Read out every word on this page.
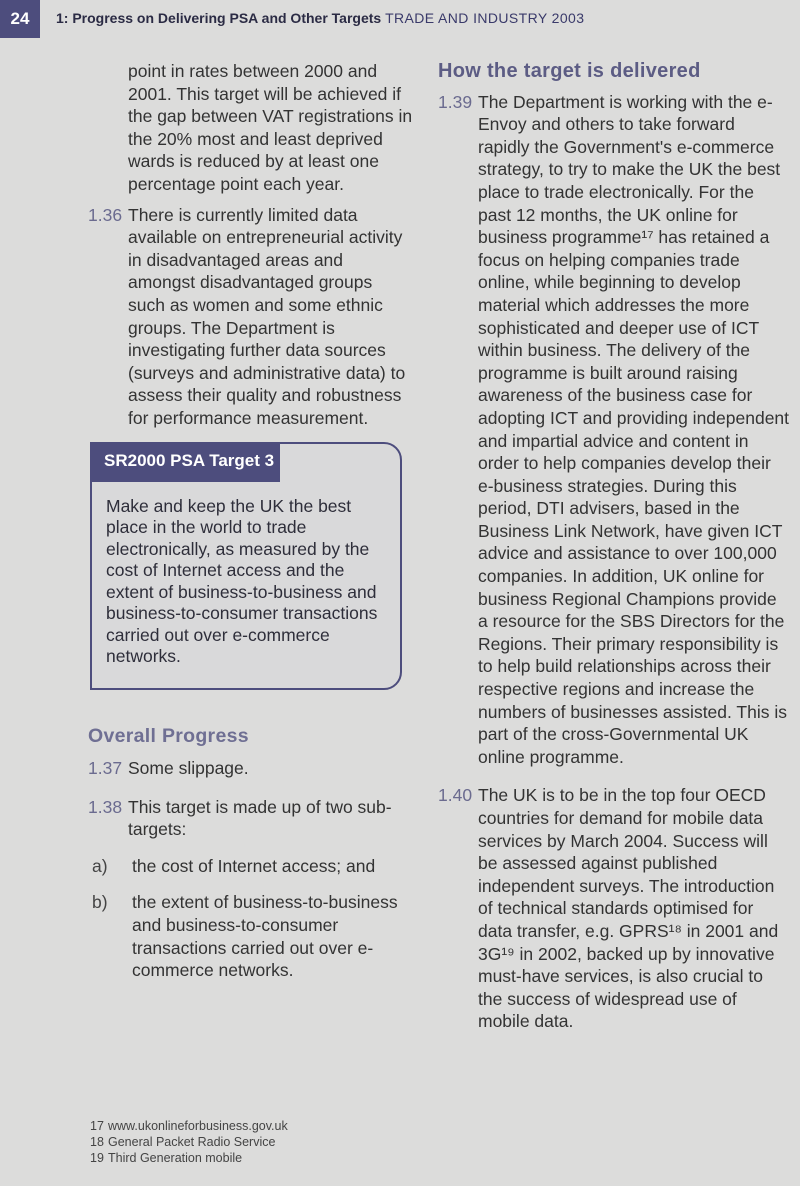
24	1: Progress on Delivering PSA and Other Targets TRADE AND INDUSTRY 2003

point in rates between 2000 and 2001. This target will be achieved if the gap between VAT registrations in the 20% most and least deprived wards is reduced by at least one percentage point each year.

1.36 There is currently limited data available on entrepreneurial activity in disadvantaged areas and amongst disadvantaged groups such as women and some ethnic groups. The Department is investigating further data sources (surveys and administrative data) to assess their quality and robustness for performance measurement.

SR2000 PSA Target 3

Make and keep the UK the best place in the world to trade electronically, as measured by the cost of Internet access and the extent of business-to-business and business-to-consumer transactions carried out over e-commerce networks.

Overall Progress
1.37 Some slippage.

1.38 This target is made up of two sub-targets:

a)	the cost of Internet access; and

b)	the extent of business-to-business and business-to-consumer transactions carried out over e-commerce networks.

How the target is delivered
1.39 The Department is working with the e-Envoy and others to take forward rapidly the Government's e-commerce strategy, to try to make the UK the best place to trade electronically. For the past 12 months, the UK online for business programme¹⁷ has retained a focus on helping companies trade online, while beginning to develop material which addresses the more sophisticated and deeper use of ICT within business. The delivery of the programme is built around raising awareness of the business case for adopting ICT and providing independent and impartial advice and content in order to help companies develop their e-business strategies. During this period, DTI advisers, based in the Business Link Network, have given ICT advice and assistance to over 100,000 companies. In addition, UK online for business Regional Champions provide a resource for the SBS Directors for the Regions. Their primary responsibility is to help build relationships across their respective regions and increase the numbers of businesses assisted. This is part of the cross-Governmental UK online programme.

1.40 The UK is to be in the top four OECD countries for demand for mobile data services by March 2004. Success will be assessed against published independent surveys. The introduction of technical standards optimised for data transfer, e.g. GPRS¹⁸ in 2001 and 3G¹⁹ in 2002, backed up by innovative must-have services, is also crucial to the success of widespread use of mobile data.

17 www.ukonlineforbusiness.gov.uk
18 General Packet Radio Service
19 Third Generation mobile
